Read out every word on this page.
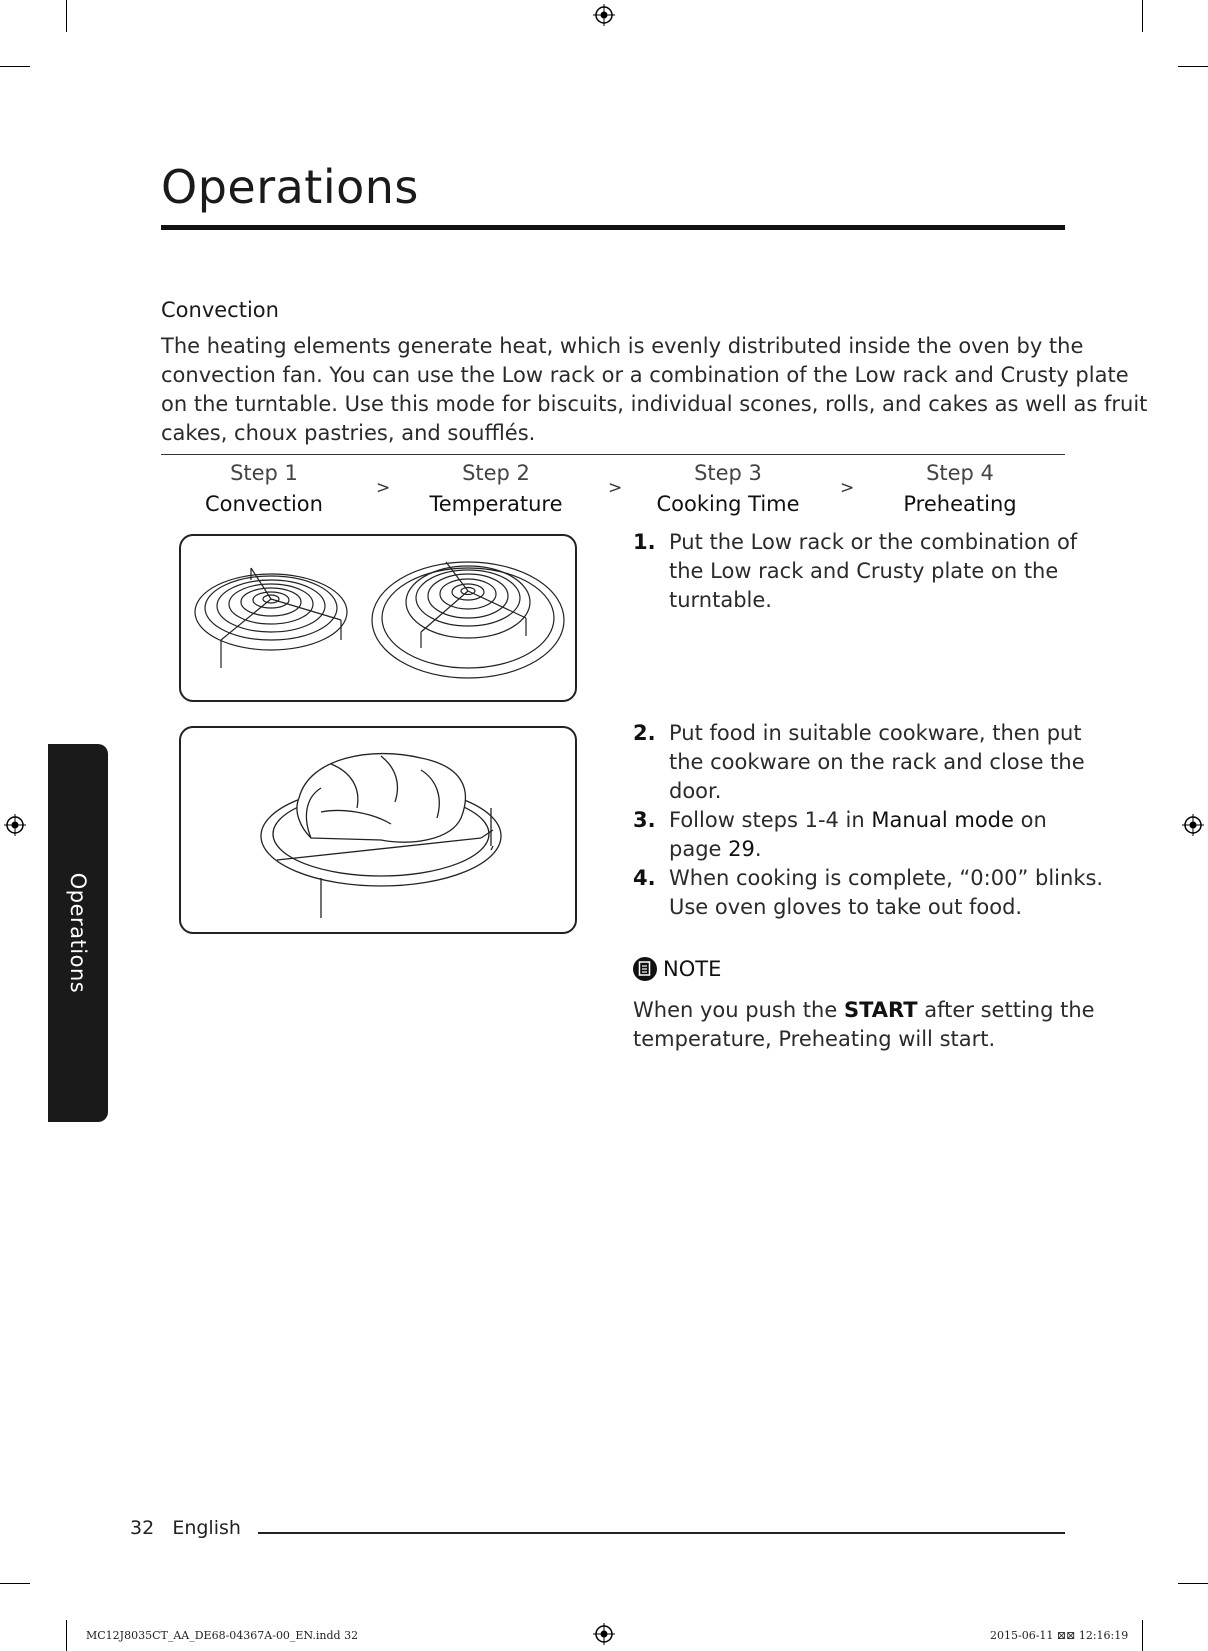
Operations
Convection
The heating elements generate heat, which is evenly distributed inside the oven by the
convection fan. You can use the Low rack or a combination of the Low rack and Crusty plate
on the turntable. Use this mode for biscuits, individual scones, rolls, and cakes as well as fruit
cakes, choux pastries, and soufflés.
Step 1
Convection
>
Step 2
Temperature
>
Step 3
Cooking Time
>
Step 4
Preheating
1. Put the Low rack or the combination of
the Low rack and Crusty plate on the
turntable.
2. Put food in suitable cookware, then put
the cookware on the rack and close the
door.
3. Follow steps 1-4 in Manual mode on
page 29.
4. When cooking is complete, “0:00” blinks.
Use oven gloves to take out food.
NOTE
When you push the START after setting the
temperature, Preheating will start.
Operations
32 English
MC12J8035CT_AA_DE68-04367A-00_EN.indd 32	2015-06-11 ⊠⊠ 12:16:19
